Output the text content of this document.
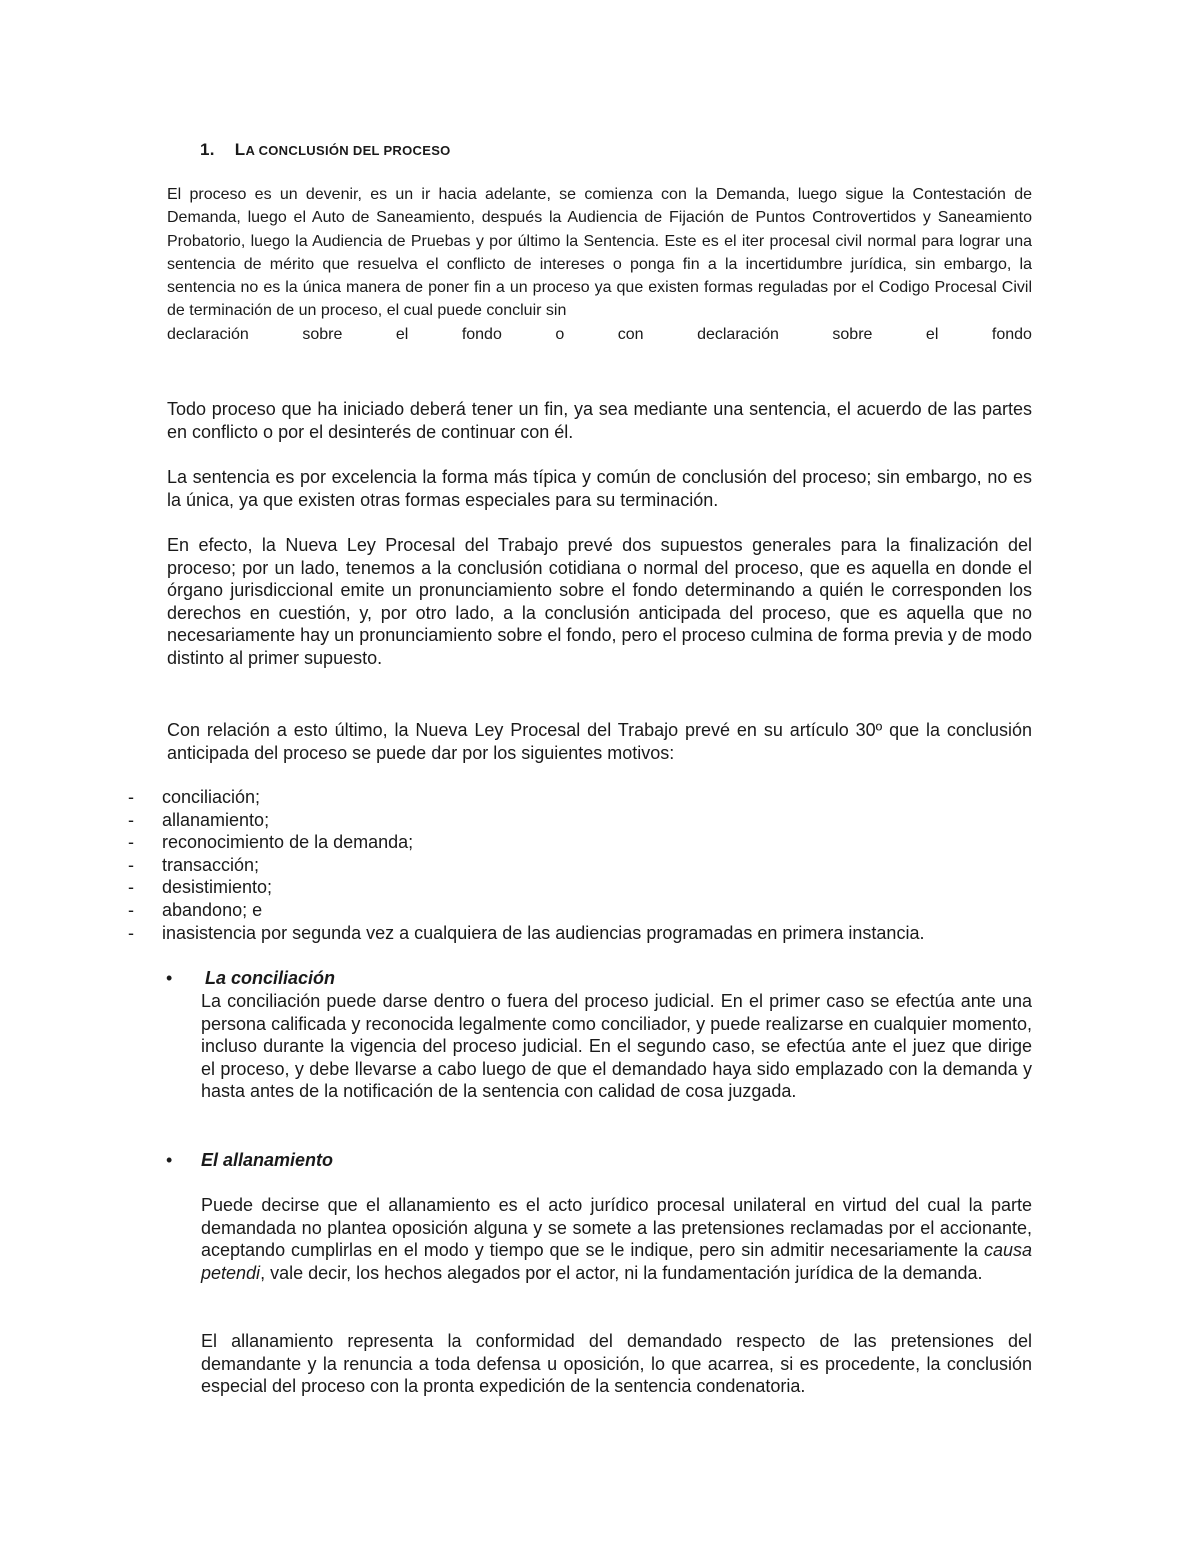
1. LA CONCLUSIÓN DEL PROCESO
El proceso es un devenir, es un ir hacia adelante, se comienza con la Demanda, luego sigue la Contestación de Demanda, luego el Auto de Saneamiento, después la Audiencia de Fijación de Puntos Controvertidos y Saneamiento Probatorio, luego la Audiencia de Pruebas y por último la Sentencia. Este es el iter procesal civil normal para lograr una sentencia de mérito que resuelva el conflicto de intereses o ponga fin a la incertidumbre jurídica, sin embargo, la sentencia no es la única manera de poner fin a un proceso ya que existen formas reguladas por el Codigo Procesal Civil de terminación de un proceso, el cual puede concluir sin
declaración	sobre	el	fondo	o	con	declaración	sobre	el	fondo

Todo proceso que ha iniciado deberá tener un fin, ya sea mediante una sentencia, el acuerdo de las partes en conflicto o por el desinterés de continuar con él.

La sentencia es por excelencia la forma más típica y común de conclusión del proceso; sin embargo, no es la única, ya que existen otras formas especiales para su terminación.

En efecto, la Nueva Ley Procesal del Trabajo prevé dos supuestos generales para la finalización del proceso; por un lado, tenemos a la conclusión cotidiana o normal del proceso, que es aquella en donde el órgano jurisdiccional emite un pronunciamiento sobre el fondo determinando a quién le corresponden los derechos en cuestión, y, por otro lado, a la conclusión anticipada del proceso, que es aquella que no necesariamente hay un pronunciamiento sobre el fondo, pero el proceso culmina de forma previa y de modo distinto al primer supuesto.

Con relación a esto último, la Nueva Ley Procesal del Trabajo prevé en su artículo 30º que la conclusión anticipada del proceso se puede dar por los siguientes motivos:

-	conciliación;
-	allanamiento;
-	reconocimiento de la demanda;
-	transacción;
-	desistimiento;
-	abandono; e
-	inasistencia por segunda vez a cualquiera de las audiencias programadas en primera instancia.
• La conciliación

La conciliación puede darse dentro o fuera del proceso judicial. En el primer caso se efectúa ante una persona calificada y reconocida legalmente como conciliador, y puede realizarse en cualquier momento, incluso durante la vigencia del proceso judicial. En el segundo caso, se efectúa ante el juez que dirige el proceso, y debe llevarse a cabo luego de que el demandado haya sido emplazado con la demanda y hasta antes de la notificación de la sentencia con calidad de cosa juzgada.

• El allanamiento

Puede decirse que el allanamiento es el acto jurídico procesal unilateral en virtud del cual la parte demandada no plantea oposición alguna y se somete a las pretensiones reclamadas por el accionante, aceptando cumplirlas en el modo y tiempo que se le indique, pero sin admitir necesariamente la causa petendi, vale decir, los hechos alegados por el actor, ni la fundamentación jurídica de la demanda.

El allanamiento representa la conformidad del demandado respecto de las pretensiones del demandante y la renuncia a toda defensa u oposición, lo que acarrea, si es procedente, la conclusión especial del proceso con la pronta expedición de la sentencia condenatoria.
